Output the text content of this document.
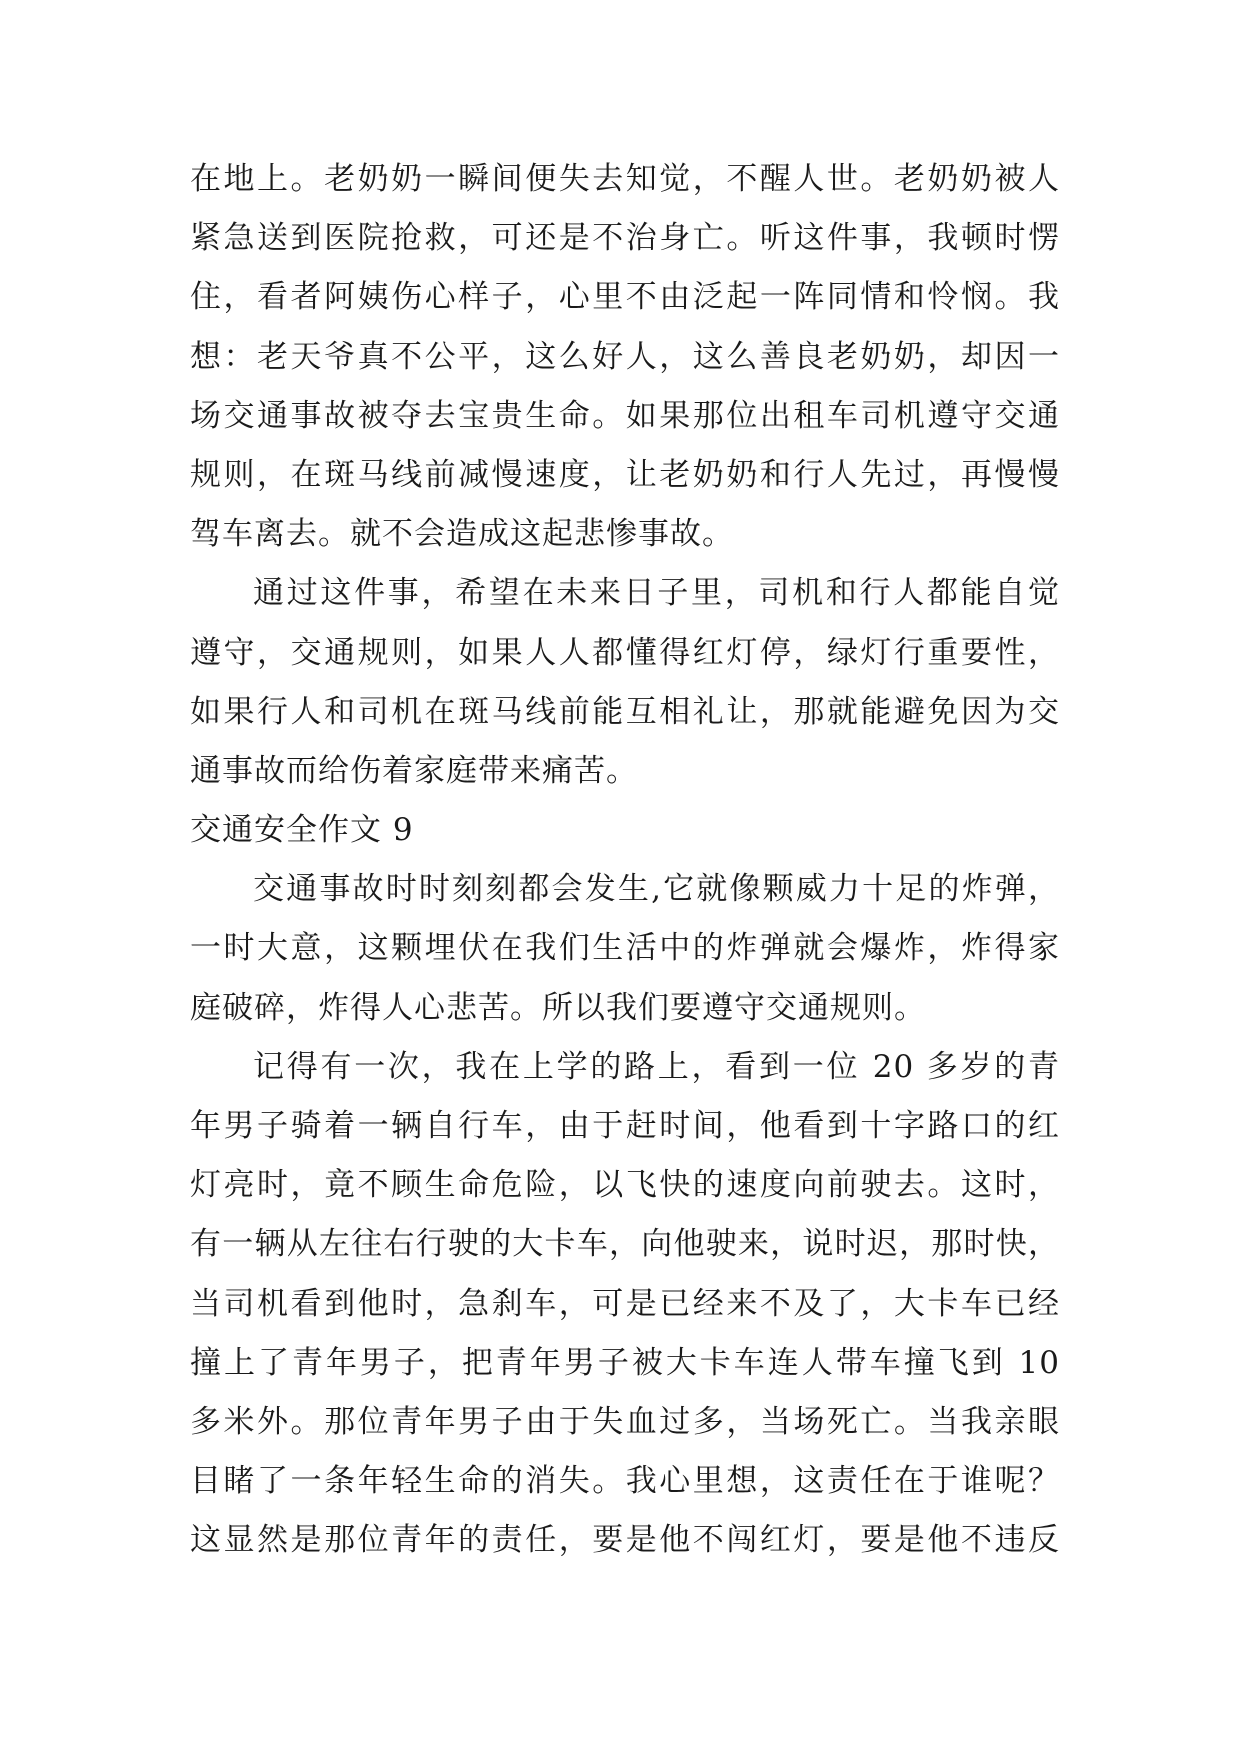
在地上。老奶奶一瞬间便失去知觉，不醒人世。老奶奶被人
紧急送到医院抢救，可还是不治身亡。听这件事，我顿时愣
住，看者阿姨伤心样子，心里不由泛起一阵同情和怜悯。我
想：老天爷真不公平，这么好人，这么善良老奶奶，却因一
场交通事故被夺去宝贵生命。如果那位出租车司机遵守交通
规则，在斑马线前减慢速度，让老奶奶和行人先过，再慢慢
驾车离去。就不会造成这起悲惨事故。
通过这件事，希望在未来日子里，司机和行人都能自觉
遵守，交通规则，如果人人都懂得红灯停，绿灯行重要性，
如果行人和司机在斑马线前能互相礼让，那就能避免因为交
通事故而给伤着家庭带来痛苦。
交通安全作文 9
交通事故时时刻刻都会发生,它就像颗威力十足的炸弹，
一时大意，这颗埋伏在我们生活中的炸弹就会爆炸，炸得家
庭破碎，炸得人心悲苦。所以我们要遵守交通规则。
记得有一次，我在上学的路上，看到一位 20 多岁的青
年男子骑着一辆自行车，由于赶时间，他看到十字路口的红
灯亮时，竟不顾生命危险，以飞快的速度向前驶去。这时，
有一辆从左往右行驶的大卡车，向他驶来，说时迟，那时快，
当司机看到他时，急刹车，可是已经来不及了，大卡车已经
撞上了青年男子，把青年男子被大卡车连人带车撞飞到 10
多米外。那位青年男子由于失血过多，当场死亡。当我亲眼
目睹了一条年轻生命的消失。我心里想，这责任在于谁呢？
这显然是那位青年的责任，要是他不闯红灯，要是他不违反
